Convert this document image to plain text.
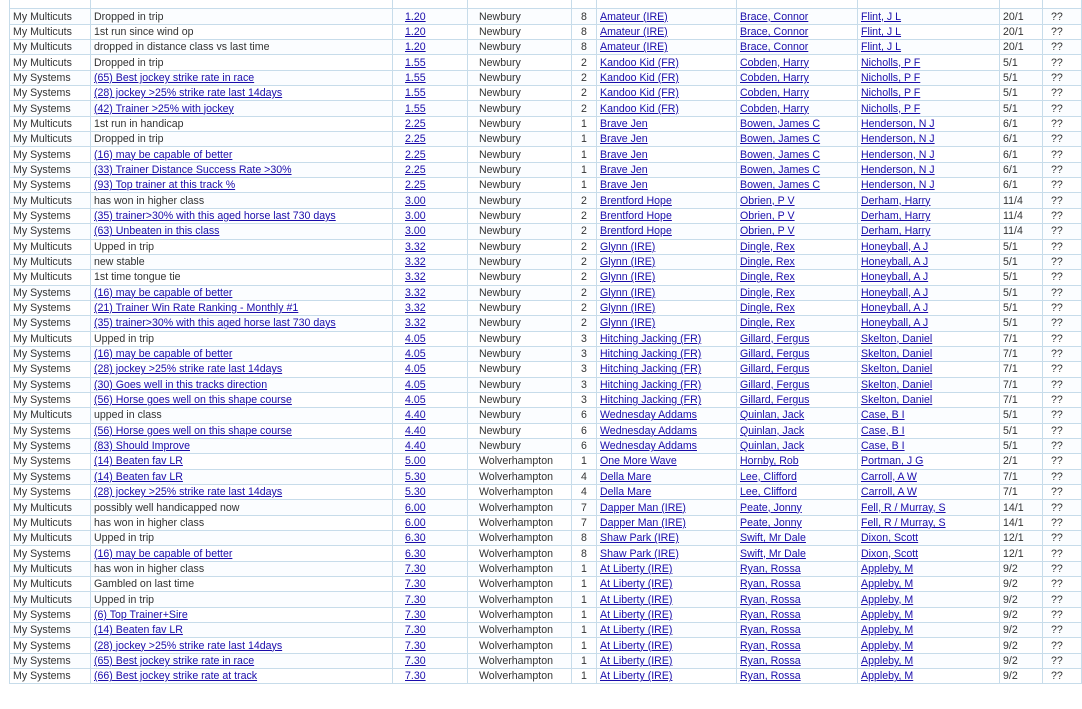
My Multicuts	Dropped in trip	1.20	Newbury	8	Amateur (IRE)	Brace, Connor	Flint, J L	20/1	??
My Multicuts	1st run since wind op	1.20	Newbury	8	Amateur (IRE)	Brace, Connor	Flint, J L	20/1	??
My Multicuts	dropped in distance class vs last time	1.20	Newbury	8	Amateur (IRE)	Brace, Connor	Flint, J L	20/1	??
My Multicuts	Dropped in trip	1.55	Newbury	2	Kandoo Kid (FR)	Cobden, Harry	Nicholls, P F	5/1	??
My Systems	(65) Best jockey strike rate in race	1.55	Newbury	2	Kandoo Kid (FR)	Cobden, Harry	Nicholls, P F	5/1	??
My Systems	(28) jockey >25% strike rate last 14days	1.55	Newbury	2	Kandoo Kid (FR)	Cobden, Harry	Nicholls, P F	5/1	??
My Systems	(42) Trainer >25% with jockey	1.55	Newbury	2	Kandoo Kid (FR)	Cobden, Harry	Nicholls, P F	5/1	??
My Multicuts	1st run in handicap	2.25	Newbury	1	Brave Jen	Bowen, James C	Henderson, N J	6/1	??
My Multicuts	Dropped in trip	2.25	Newbury	1	Brave Jen	Bowen, James C	Henderson, N J	6/1	??
My Systems	(16) may be capable of better	2.25	Newbury	1	Brave Jen	Bowen, James C	Henderson, N J	6/1	??
My Systems	(33) Trainer Distance Success Rate >30%	2.25	Newbury	1	Brave Jen	Bowen, James C	Henderson, N J	6/1	??
My Systems	(93) Top trainer at this track %	2.25	Newbury	1	Brave Jen	Bowen, James C	Henderson, N J	6/1	??
My Multicuts	has won in higher class	3.00	Newbury	2	Brentford Hope	Obrien, P V	Derham, Harry	11/4	??
My Systems	(35) trainer>30% with this aged horse last 730 days	3.00	Newbury	2	Brentford Hope	Obrien, P V	Derham, Harry	11/4	??
My Systems	(63) Unbeaten in this class	3.00	Newbury	2	Brentford Hope	Obrien, P V	Derham, Harry	11/4	??
My Multicuts	Upped in trip	3.32	Newbury	2	Glynn (IRE)	Dingle, Rex	Honeyball, A J	5/1	??
My Multicuts	new stable	3.32	Newbury	2	Glynn (IRE)	Dingle, Rex	Honeyball, A J	5/1	??
My Multicuts	1st time tongue tie	3.32	Newbury	2	Glynn (IRE)	Dingle, Rex	Honeyball, A J	5/1	??
My Systems	(16) may be capable of better	3.32	Newbury	2	Glynn (IRE)	Dingle, Rex	Honeyball, A J	5/1	??
My Systems	(21) Trainer Win Rate Ranking - Monthly #1	3.32	Newbury	2	Glynn (IRE)	Dingle, Rex	Honeyball, A J	5/1	??
My Systems	(35) trainer>30% with this aged horse last 730 days	3.32	Newbury	2	Glynn (IRE)	Dingle, Rex	Honeyball, A J	5/1	??
My Multicuts	Upped in trip	4.05	Newbury	3	Hitching Jacking (FR)	Gillard, Fergus	Skelton, Daniel	7/1	??
My Systems	(16) may be capable of better	4.05	Newbury	3	Hitching Jacking (FR)	Gillard, Fergus	Skelton, Daniel	7/1	??
My Systems	(28) jockey >25% strike rate last 14days	4.05	Newbury	3	Hitching Jacking (FR)	Gillard, Fergus	Skelton, Daniel	7/1	??
My Systems	(30) Goes well in this tracks direction	4.05	Newbury	3	Hitching Jacking (FR)	Gillard, Fergus	Skelton, Daniel	7/1	??
My Systems	(56) Horse goes well on this shape course	4.05	Newbury	3	Hitching Jacking (FR)	Gillard, Fergus	Skelton, Daniel	7/1	??
My Multicuts	upped in class	4.40	Newbury	6	Wednesday Addams	Quinlan, Jack	Case, B I	5/1	??
My Systems	(56) Horse goes well on this shape course	4.40	Newbury	6	Wednesday Addams	Quinlan, Jack	Case, B I	5/1	??
My Systems	(83) Should Improve	4.40	Newbury	6	Wednesday Addams	Quinlan, Jack	Case, B I	5/1	??
My Systems	(14) Beaten fav LR	5.00	Wolverhampton	1	One More Wave	Hornby, Rob	Portman, J G	2/1	??
My Systems	(14) Beaten fav LR	5.30	Wolverhampton	4	Della Mare	Lee, Clifford	Carroll, A W	7/1	??
My Systems	(28) jockey >25% strike rate last 14days	5.30	Wolverhampton	4	Della Mare	Lee, Clifford	Carroll, A W	7/1	??
My Multicuts	possibly well handicapped now	6.00	Wolverhampton	7	Dapper Man (IRE)	Peate, Jonny	Fell, R / Murray, S	14/1	??
My Multicuts	has won in higher class	6.00	Wolverhampton	7	Dapper Man (IRE)	Peate, Jonny	Fell, R / Murray, S	14/1	??
My Multicuts	Upped in trip	6.30	Wolverhampton	8	Shaw Park (IRE)	Swift, Mr Dale	Dixon, Scott	12/1	??
My Systems	(16) may be capable of better	6.30	Wolverhampton	8	Shaw Park (IRE)	Swift, Mr Dale	Dixon, Scott	12/1	??
My Multicuts	has won in higher class	7.30	Wolverhampton	1	At Liberty (IRE)	Ryan, Rossa	Appleby, M	9/2	??
My Multicuts	Gambled on last time	7.30	Wolverhampton	1	At Liberty (IRE)	Ryan, Rossa	Appleby, M	9/2	??
My Multicuts	Upped in trip	7.30	Wolverhampton	1	At Liberty (IRE)	Ryan, Rossa	Appleby, M	9/2	??
My Systems	(6) Top Trainer+Sire	7.30	Wolverhampton	1	At Liberty (IRE)	Ryan, Rossa	Appleby, M	9/2	??
My Systems	(14) Beaten fav LR	7.30	Wolverhampton	1	At Liberty (IRE)	Ryan, Rossa	Appleby, M	9/2	??
My Systems	(28) jockey >25% strike rate last 14days	7.30	Wolverhampton	1	At Liberty (IRE)	Ryan, Rossa	Appleby, M	9/2	??
My Systems	(65) Best jockey strike rate in race	7.30	Wolverhampton	1	At Liberty (IRE)	Ryan, Rossa	Appleby, M	9/2	??
My Systems	(66) Best jockey strike rate at track	7.30	Wolverhampton	1	At Liberty (IRE)	Ryan, Rossa	Appleby, M	9/2	??
